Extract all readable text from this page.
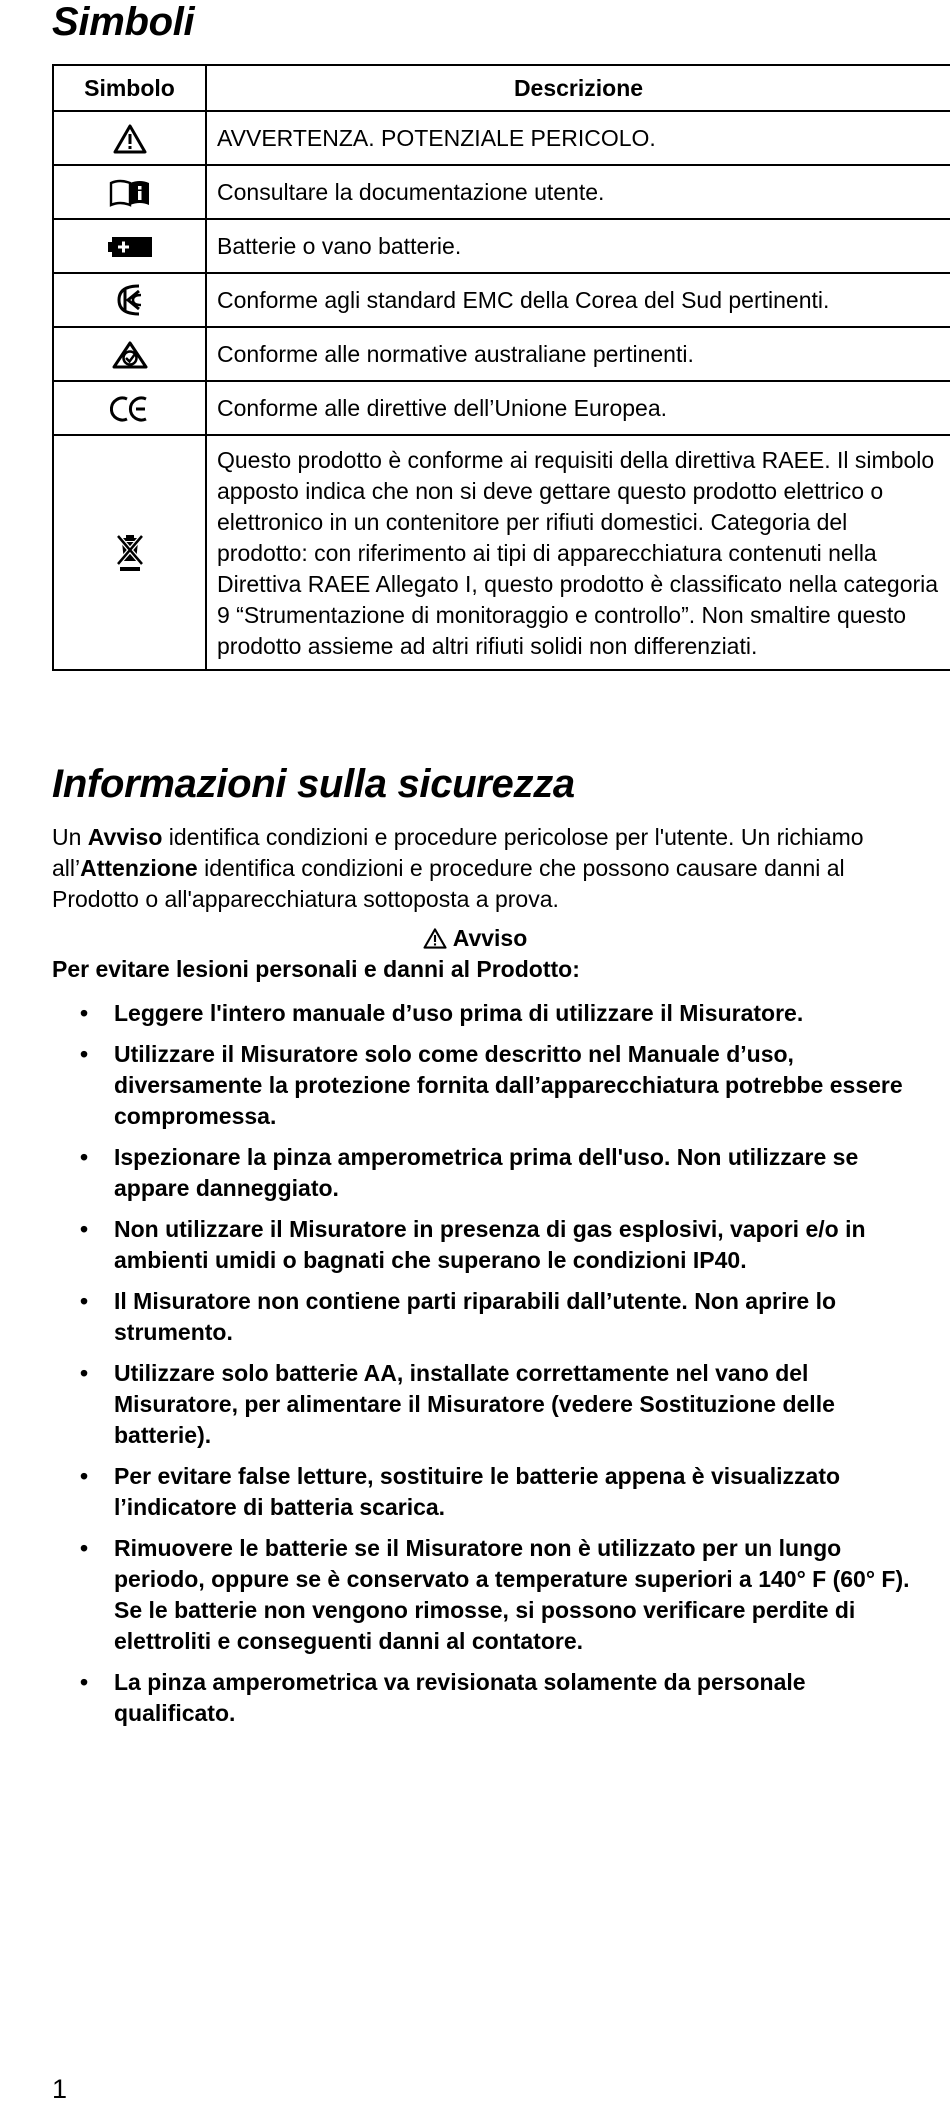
Simboli
Simbolo	Descrizione
	AVVERTENZA. POTENZIALE PERICOLO.
	Consultare la documentazione utente.
	Batterie o vano batterie.
	Conforme agli standard EMC della Corea del Sud pertinenti.
	Conforme alle normative australiane pertinenti.
	Conforme alle direttive dell’Unione Europea.
	Questo prodotto è conforme ai requisiti della direttiva RAEE. Il simbolo apposto indica che non si deve gettare questo prodotto elettrico o elettronico in un contenitore per rifiuti domestici. Categoria del prodotto: con riferimento ai tipi di apparecchiatura contenuti nella Direttiva RAEE Allegato I, questo prodotto è classificato nella categoria 9 “Strumentazione di monitoraggio e controllo”. Non smaltire questo prodotto assieme ad altri rifiuti solidi non differenziati.
Informazioni sulla sicurezza

Un Avviso identifica condizioni e procedure pericolose per l'utente. Un richiamo all’Attenzione identifica condizioni e procedure che possono causare danni al Prodotto o all'apparecchiatura sottoposta a prova.

Avviso
Per evitare lesioni personali e danni al Prodotto:
• Leggere l'intero manuale d’uso prima di utilizzare il Misuratore.
• Utilizzare il Misuratore solo come descritto nel Manuale d’uso, diversamente la protezione fornita dall’apparecchiatura potrebbe essere compromessa.
• Ispezionare la pinza amperometrica prima dell'uso. Non utilizzare se appare danneggiato.
• Non utilizzare il Misuratore in presenza di gas esplosivi, vapori e/o in ambienti umidi o bagnati che superano le condizioni IP40.
• Il Misuratore non contiene parti riparabili dall’utente. Non aprire lo strumento.
• Utilizzare solo batterie AA, installate correttamente nel vano del Misuratore, per alimentare il Misuratore (vedere Sostituzione delle batterie).
• Per evitare false letture, sostituire le batterie appena è visualizzato l’indicatore di batteria scarica.
• Rimuovere le batterie se il Misuratore non è utilizzato per un lungo periodo, oppure se è conservato a temperature superiori a 140° F (60° F). Se le batterie non vengono rimosse, si possono verificare perdite di elettroliti e conseguenti danni al contatore.
• La pinza amperometrica va revisionata solamente da personale qualificato.
1
